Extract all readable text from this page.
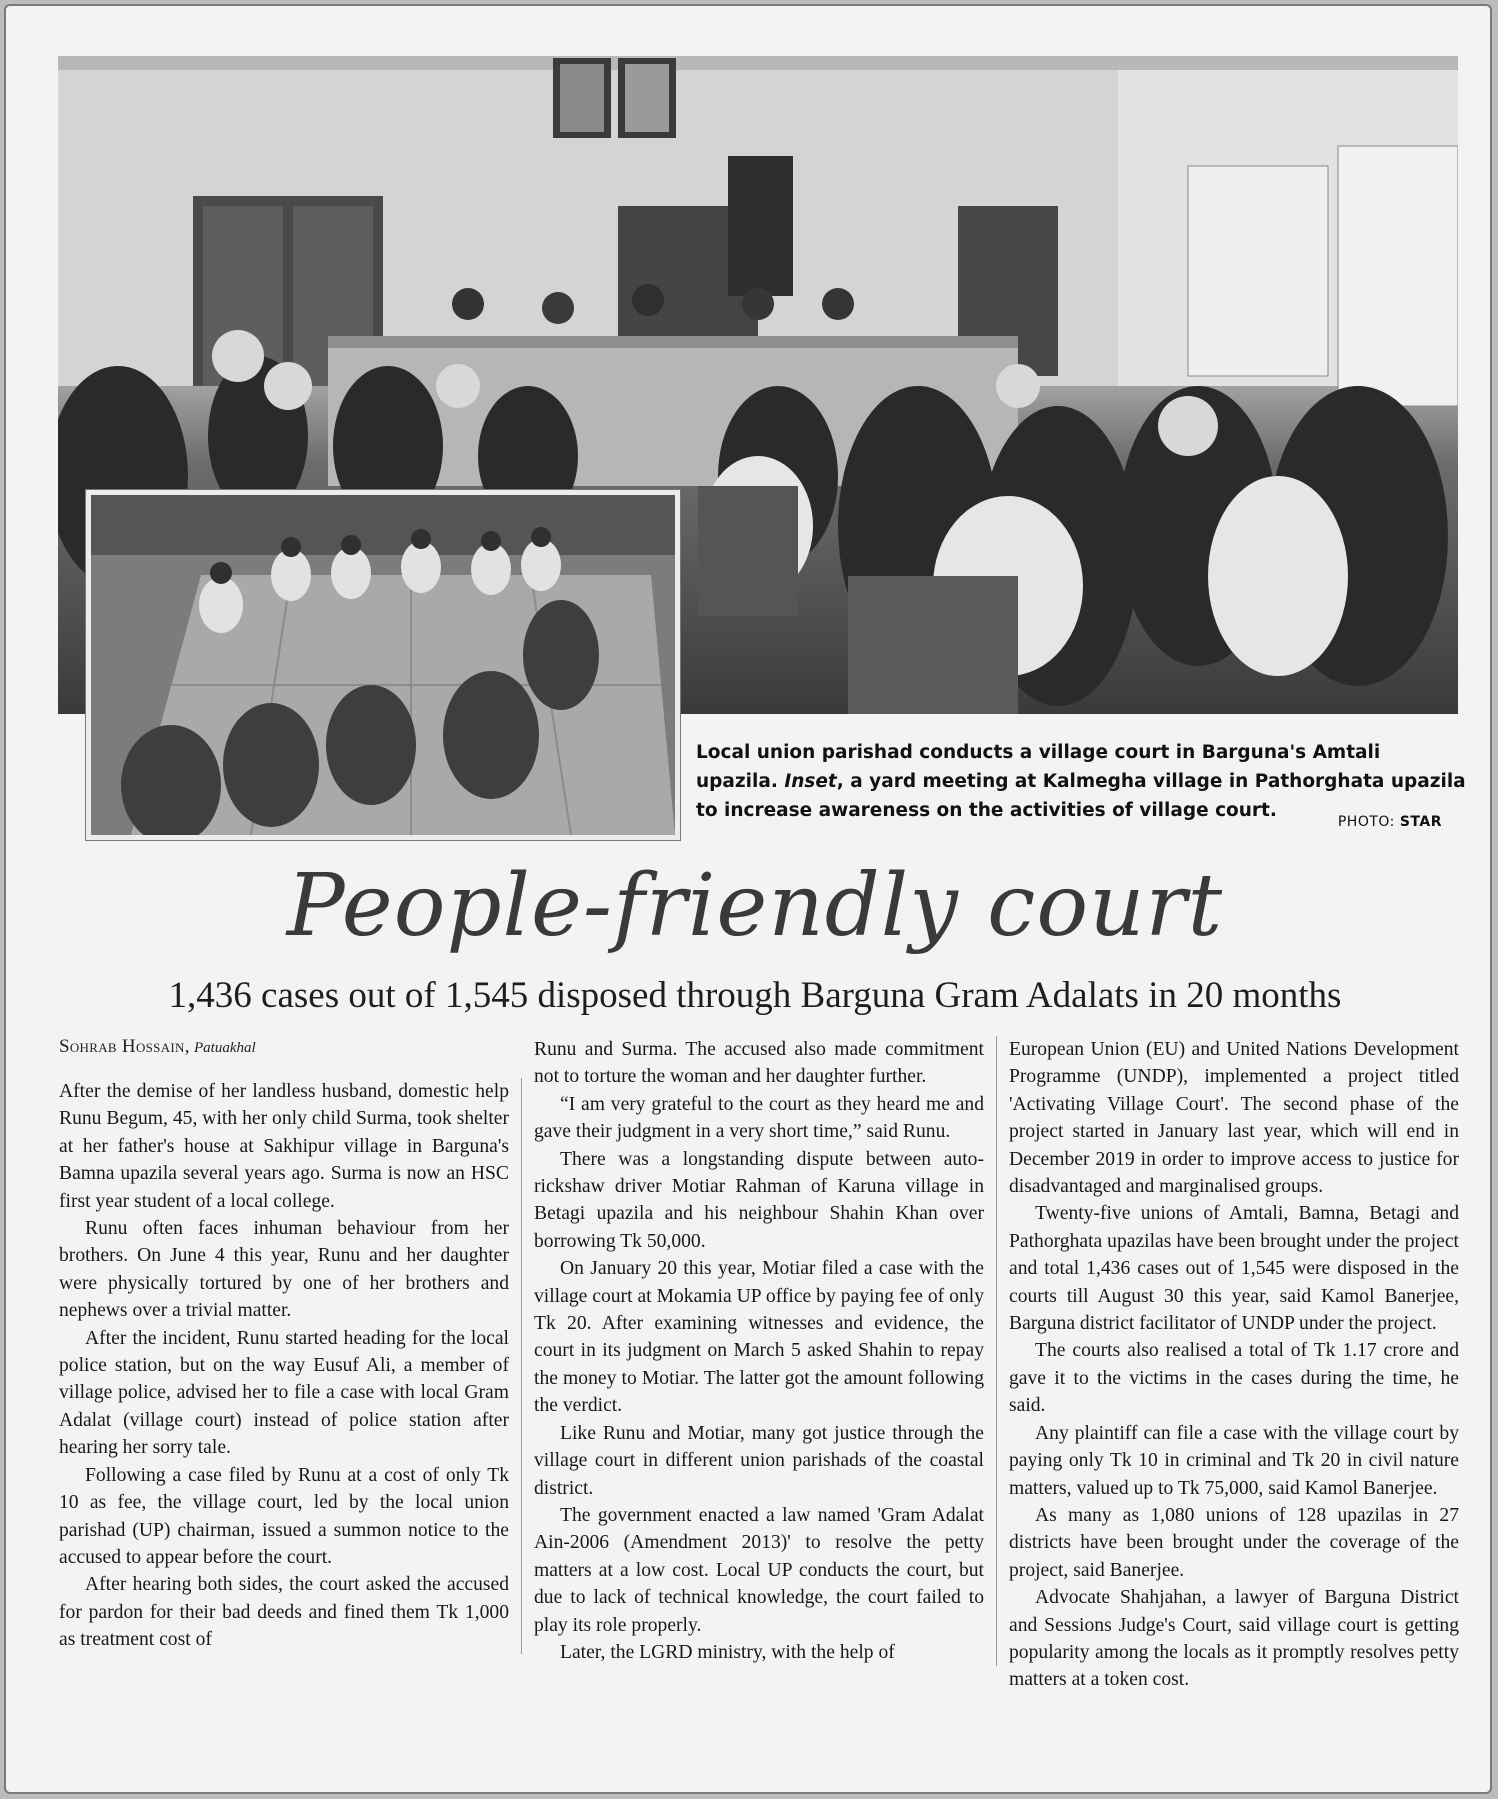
Local union parishad conducts a village court in Barguna's Amtali upazila. Inset, a yard meeting at Kalmegha village in Pathorghata upazila to increase awareness on the activities of village court.
PHOTO: STAR
People-friendly court
1,436 cases out of 1,545 disposed through Barguna Gram Adalats in 20 months
Sohrab Hossain, Patuakhal

After the demise of her landless husband, domestic help Runu Begum, 45, with her only child Surma, took shelter at her father's house at Sakhipur village in Barguna's Bamna upazila several years ago. Surma is now an HSC first year student of a local college.

Runu often faces inhuman behaviour from her brothers. On June 4 this year, Runu and her daughter were physically tortured by one of her brothers and nephews over a trivial matter.

After the incident, Runu started heading for the local police station, but on the way Eusuf Ali, a member of village police, advised her to file a case with local Gram Adalat (village court) instead of police station after hearing her sorry tale.

Following a case filed by Runu at a cost of only Tk 10 as fee, the village court, led by the local union parishad (UP) chairman, issued a summon notice to the accused to appear before the court.

After hearing both sides, the court asked the accused for pardon for their bad deeds and fined them Tk 1,000 as treatment cost of

Runu and Surma. The accused also made commitment not to torture the woman and her daughter further.

“I am very grateful to the court as they heard me and gave their judgment in a very short time,” said Runu.

There was a longstanding dispute between auto-rickshaw driver Motiar Rahman of Karuna village in Betagi upazila and his neighbour Shahin Khan over borrowing Tk 50,000.

On January 20 this year, Motiar filed a case with the village court at Mokamia UP office by paying fee of only Tk 20. After examining witnesses and evidence, the court in its judgment on March 5 asked Shahin to repay the money to Motiar. The latter got the amount following the verdict.

Like Runu and Motiar, many got justice through the village court in different union parishads of the coastal district.

The government enacted a law named 'Gram Adalat Ain-2006 (Amendment 2013)' to resolve the petty matters at a low cost. Local UP conducts the court, but due to lack of technical knowledge, the court failed to play its role properly.

Later, the LGRD ministry, with the help of

European Union (EU) and United Nations Development Programme (UNDP), implemented a project titled 'Activating Village Court'. The second phase of the project started in January last year, which will end in December 2019 in order to improve access to justice for disadvantaged and marginalised groups.

Twenty-five unions of Amtali, Bamna, Betagi and Pathorghata upazilas have been brought under the project and total 1,436 cases out of 1,545 were disposed in the courts till August 30 this year, said Kamol Banerjee, Barguna district facilitator of UNDP under the project.

The courts also realised a total of Tk 1.17 crore and gave it to the victims in the cases during the time, he said.

Any plaintiff can file a case with the village court by paying only Tk 10 in criminal and Tk 20 in civil nature matters, valued up to Tk 75,000, said Kamol Banerjee.

As many as 1,080 unions of 128 upazilas in 27 districts have been brought under the coverage of the project, said Banerjee.

Advocate Shahjahan, a lawyer of Barguna District and Sessions Judge's Court, said village court is getting popularity among the locals as it promptly resolves petty matters at a token cost.
